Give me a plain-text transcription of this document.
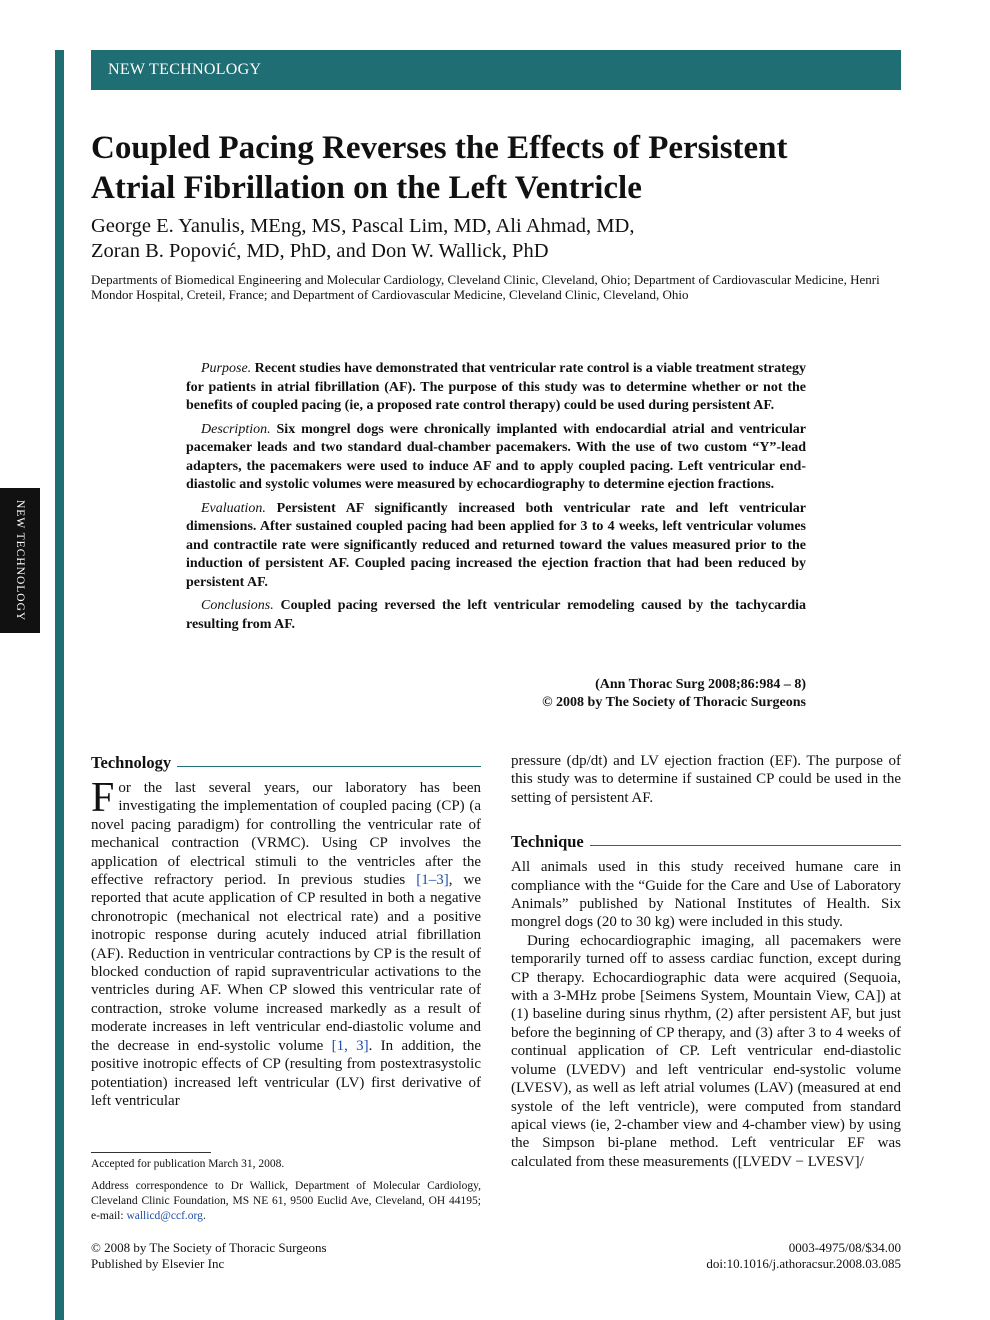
NEW TECHNOLOGY
NEW TECHNOLOGY
Coupled Pacing Reverses the Effects of Persistent
Atrial Fibrillation on the Left Ventricle
George E. Yanulis, MEng, MS, Pascal Lim, MD, Ali Ahmad, MD,
Zoran B. Popović, MD, PhD, and Don W. Wallick, PhD
Departments of Biomedical Engineering and Molecular Cardiology, Cleveland Clinic, Cleveland, Ohio; Department of Cardiovascular Medicine, Henri Mondor Hospital, Creteil, France; and Department of Cardiovascular Medicine, Cleveland Clinic, Cleveland, Ohio

Purpose. Recent studies have demonstrated that ventricular rate control is a viable treatment strategy for patients in atrial fibrillation (AF). The purpose of this study was to determine whether or not the benefits of coupled pacing (ie, a proposed rate control therapy) could be used during persistent AF.

Description. Six mongrel dogs were chronically implanted with endocardial atrial and ventricular pacemaker leads and two standard dual-chamber pacemakers. With the use of two custom “Y”-lead adapters, the pacemakers were used to induce AF and to apply coupled pacing. Left ventricular end-diastolic and systolic volumes were measured by echocardiography to determine ejection fractions.

Evaluation. Persistent AF significantly increased both ventricular rate and left ventricular dimensions. After sustained coupled pacing had been applied for 3 to 4 weeks, left ventricular volumes and contractile rate were significantly reduced and returned toward the values measured prior to the induction of persistent AF. Coupled pacing increased the ejection fraction that had been reduced by persistent AF.

Conclusions. Coupled pacing reversed the left ventricular remodeling caused by the tachycardia resulting from AF.

(Ann Thorac Surg 2008;86:984 – 8)
© 2008 by The Society of Thoracic Surgeons
Technology

For the last several years, our laboratory has been investigating the implementation of coupled pacing (CP) (a novel pacing paradigm) for controlling the ventricular rate of mechanical contraction (VRMC). Using CP involves the application of electrical stimuli to the ventricles after the effective refractory period. In previous studies [1–3], we reported that acute application of CP resulted in both a negative chronotropic (mechanical not electrical rate) and a positive inotropic response during acutely induced atrial fibrillation (AF). Reduction in ventricular contractions by CP is the result of blocked conduction of rapid supraventricular activations to the ventricles during AF. When CP slowed this ventricular rate of contraction, stroke volume increased markedly as a result of moderate increases in left ventricular end-diastolic volume and the decrease in end-systolic volume [1, 3]. In addition, the positive inotropic effects of CP (resulting from postextrasystolic potentiation) increased left ventricular (LV) first derivative of left ventricular

pressure (dp/dt) and LV ejection fraction (EF). The purpose of this study was to determine if sustained CP could be used in the setting of persistent AF.

Technique

All animals used in this study received humane care in compliance with the “Guide for the Care and Use of Laboratory Animals” published by National Institutes of Health. Six mongrel dogs (20 to 30 kg) were included in this study.

During echocardiographic imaging, all pacemakers were temporarily turned off to assess cardiac function, except during CP therapy. Echocardiographic data were acquired (Sequoia, with a 3-MHz probe [Seimens System, Mountain View, CA]) at (1) baseline during sinus rhythm, (2) after persistent AF, but just before the beginning of CP therapy, and (3) after 3 to 4 weeks of continual application of CP. Left ventricular end-diastolic volume (LVEDV) and left ventricular end-systolic volume (LVESV), as well as left atrial volumes (LAV) (measured at end systole of the left ventricle), were computed from standard apical views (ie, 2-chamber view and 4-chamber view) by using the Simpson bi-plane method. Left ventricular EF was calculated from these measurements ([LVEDV − LVESV]/

Accepted for publication March 31, 2008.

Address correspondence to Dr Wallick, Department of Molecular Cardiology, Cleveland Clinic Foundation, MS NE 61, 9500 Euclid Ave, Cleveland, OH 44195; e-mail: wallicd@ccf.org.

© 2008 by The Society of Thoracic Surgeons
Published by Elsevier Inc
0003-4975/08/$34.00
doi:10.1016/j.athoracsur.2008.03.085
